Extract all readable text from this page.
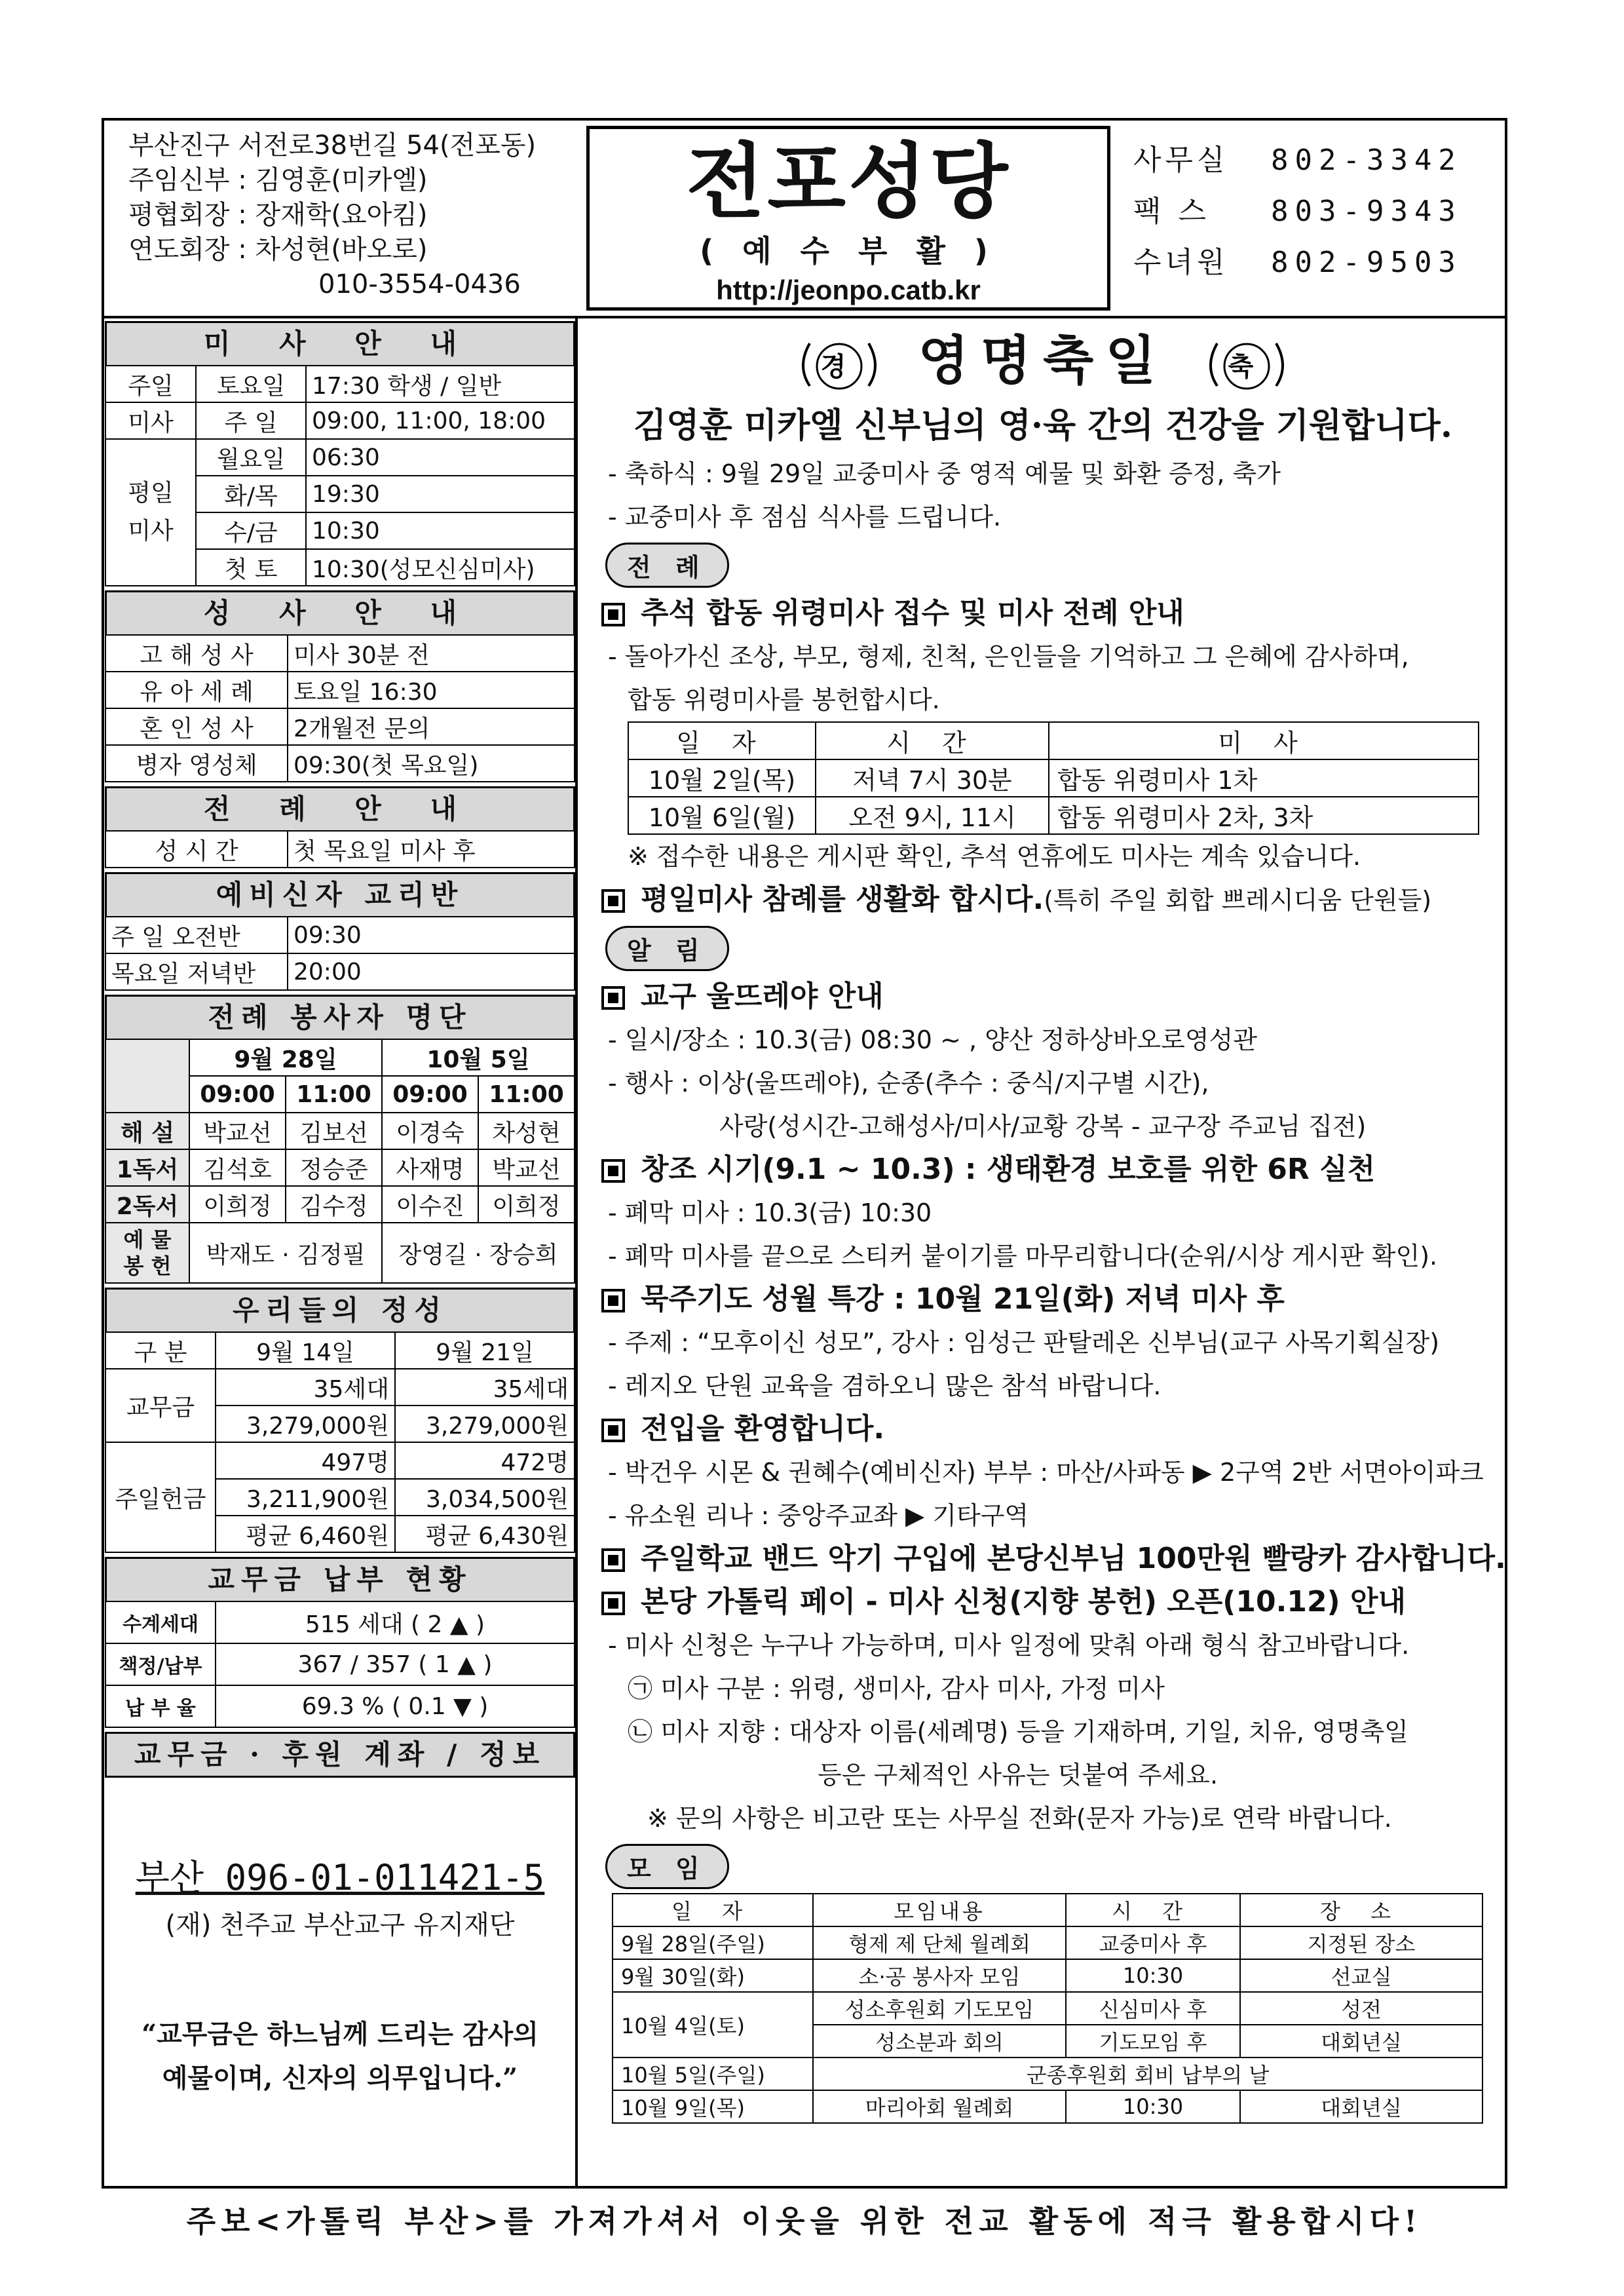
부산진구 서전로38번길 54(전포동)
주임신부 : 김영훈(미카엘)
평협회장 : 장재학(요아킴)
연도회장 : 차성현(바오로)
010-3554-0436
전포성당
( 예 수 부 활 )
http://jeonpo.catb.kr
사무실 802-3342
팩 스 803-9343
수녀원 802-9503
미 사 안 내
주일	토요일	17:30 학생 / 일반
미사	주 일	09:00, 11:00, 18:00

평일
미사	월요일	06:30
	화/목	19:30
	수/금	10:30
	첫 토	10:30(성모신심미사)
성 사 안 내
고 해 성 사	미사 30분 전
유 아 세 례	토요일 16:30
혼 인 성 사	2개월전 문의
병자 영성체	09:30(첫 목요일)
전 례 안 내
성 시 간	첫 목요일 미사 후
예비신자 교리반
주 일 오전반	09:30
목요일 저녁반	20:00
전례 봉사자 명단
	9월 28일		10월 5일	
	09:00	11:00	09:00	11:00
해 설	박교선	김보선	이경숙	차성현
1독서	김석호	정승준	사재명	박교선
2독서	이희정	김수정	이수진	이희정
예 물 봉 헌	박재도 · 김정필		장영길 · 장승희	
우리들의 정성
구 분	9월 14일	9월 21일
교무금	35세대	35세대
	3,279,000원	3,279,000원
주일헌금	497명	472명
	3,211,900원	3,034,500원
	평균 6,460원	평균 6,430원
교무금 납부 현황
수계세대	515 세대 ( 2 ▲ )
책정/납부	367 / 357 ( 1 ▲ )
납 부 율	69.3 % ( 0.1 ▼ )
교무금 · 후원 계좌 / 정보
부산 096-01-011421-5
(재) 천주교 부산교구 유지재단
“교무금은 하느님께 드리는 감사의
예물이며, 신자의 의무입니다.”
경 영명축일 축
김영훈 미카엘 신부님의 영·육 간의 건강을 기원합니다.
- 축하식 : 9월 29일 교중미사 중 영적 예물 및 화환 증정, 축가
- 교중미사 후 점심 식사를 드립니다.
전 례
추석 합동 위령미사 접수 및 미사 전례 안내
- 돌아가신 조상, 부모, 형제, 친척, 은인들을 기억하고 그 은혜에 감사하며,
합동 위령미사를 봉헌합시다.
일 자	시 간	미 사
10월 2일(목)	저녁 7시 30분	합동 위령미사 1차
10월 6일(월)	오전 9시, 11시	합동 위령미사 2차, 3차
※ 접수한 내용은 게시판 확인, 추석 연휴에도 미사는 계속 있습니다.
평일미사 참례를 생활화 합시다.(특히 주일 회합 쁘레시디움 단원들)
알 림
교구 울뜨레야 안내
- 일시/장소 : 10.3(금) 08:30 ~ , 양산 정하상바오로영성관
- 행사 : 이상(울뜨레야), 순종(추수 : 중식/지구별 시간),
사랑(성시간-고해성사/미사/교황 강복 - 교구장 주교님 집전)
창조 시기(9.1 ~ 10.3) : 생태환경 보호를 위한 6R 실천
- 폐막 미사 : 10.3(금) 10:30
- 폐막 미사를 끝으로 스티커 붙이기를 마무리합니다(순위/시상 게시판 확인).
묵주기도 성월 특강 : 10월 21일(화) 저녁 미사 후
- 주제 : “모후이신 성모”, 강사 : 임성근 판탈레온 신부님(교구 사목기획실장)
- 레지오 단원 교육을 겸하오니 많은 참석 바랍니다.
전입을 환영합니다.
- 박건우 시몬 & 권혜수(예비신자) 부부 : 마산/사파동 ▶ 2구역 2반 서면아이파크
- 유소원 리나 : 중앙주교좌 ▶ 기타구역
주일학교 밴드 악기 구입에 본당신부님 100만원 빨랑카 감사합니다.
본당 가톨릭 페이 - 미사 신청(지향 봉헌) 오픈(10.12) 안내
- 미사 신청은 누구나 가능하며, 미사 일정에 맞춰 아래 형식 참고바랍니다.
㉠ 미사 구분 : 위령, 생미사, 감사 미사, 가정 미사
㉡ 미사 지향 : 대상자 이름(세례명) 등을 기재하며, 기일, 치유, 영명축일
등은 구체적인 사유는 덧붙여 주세요.
※ 문의 사항은 비고란 또는 사무실 전화(문자 가능)로 연락 바랍니다.
모 임
일 자	모임내용	시 간	장 소
9월 28일(주일)	형제 제 단체 월례회	교중미사 후	지정된 장소
9월 30일(화)	소·공 봉사자 모임	10:30	선교실
10월 4일(토)	성소후원회 기도모임	신심미사 후	성전
	성소분과 회의	기도모임 후	대회년실
10월 5일(주일)	군종후원회 회비 납부의 날		
10월 9일(목)	마리아회 월례회	10:30	대회년실
주보<가톨릭 부산>를 가져가셔서 이웃을 위한 전교 활동에 적극 활용합시다!
